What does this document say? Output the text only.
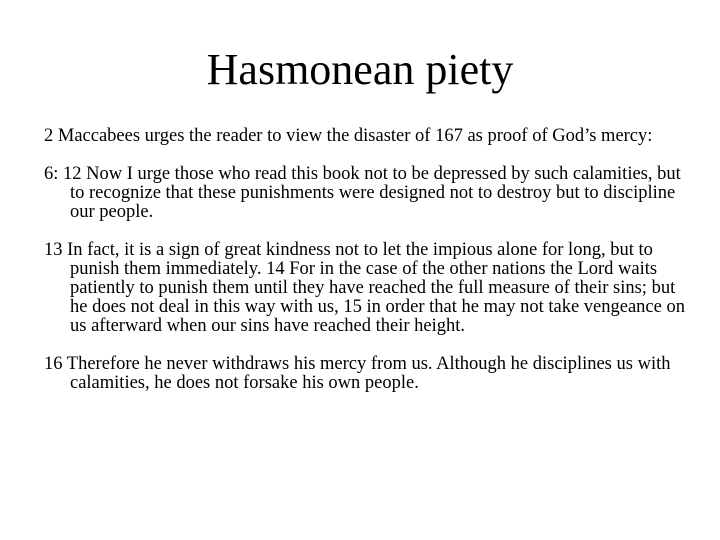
Hasmonean piety

2 Maccabees urges the reader to view the disaster of 167 as proof of God’s mercy:

6: 12 Now I urge those who read this book not to be depressed by such calamities, but to recognize that these punishments were designed not to destroy but to discipline our people.

13 In fact, it is a sign of great kindness not to let the impious alone for long, but to punish them immediately. 14 For in the case of the other nations the Lord waits patiently to punish them until they have reached the full measure of their sins; but he does not deal in this way with us, 15 in order that he may not take vengeance on us afterward when our sins have reached their height.

16 Therefore he never withdraws his mercy from us. Although he disciplines us with calamities, he does not forsake his own people.
